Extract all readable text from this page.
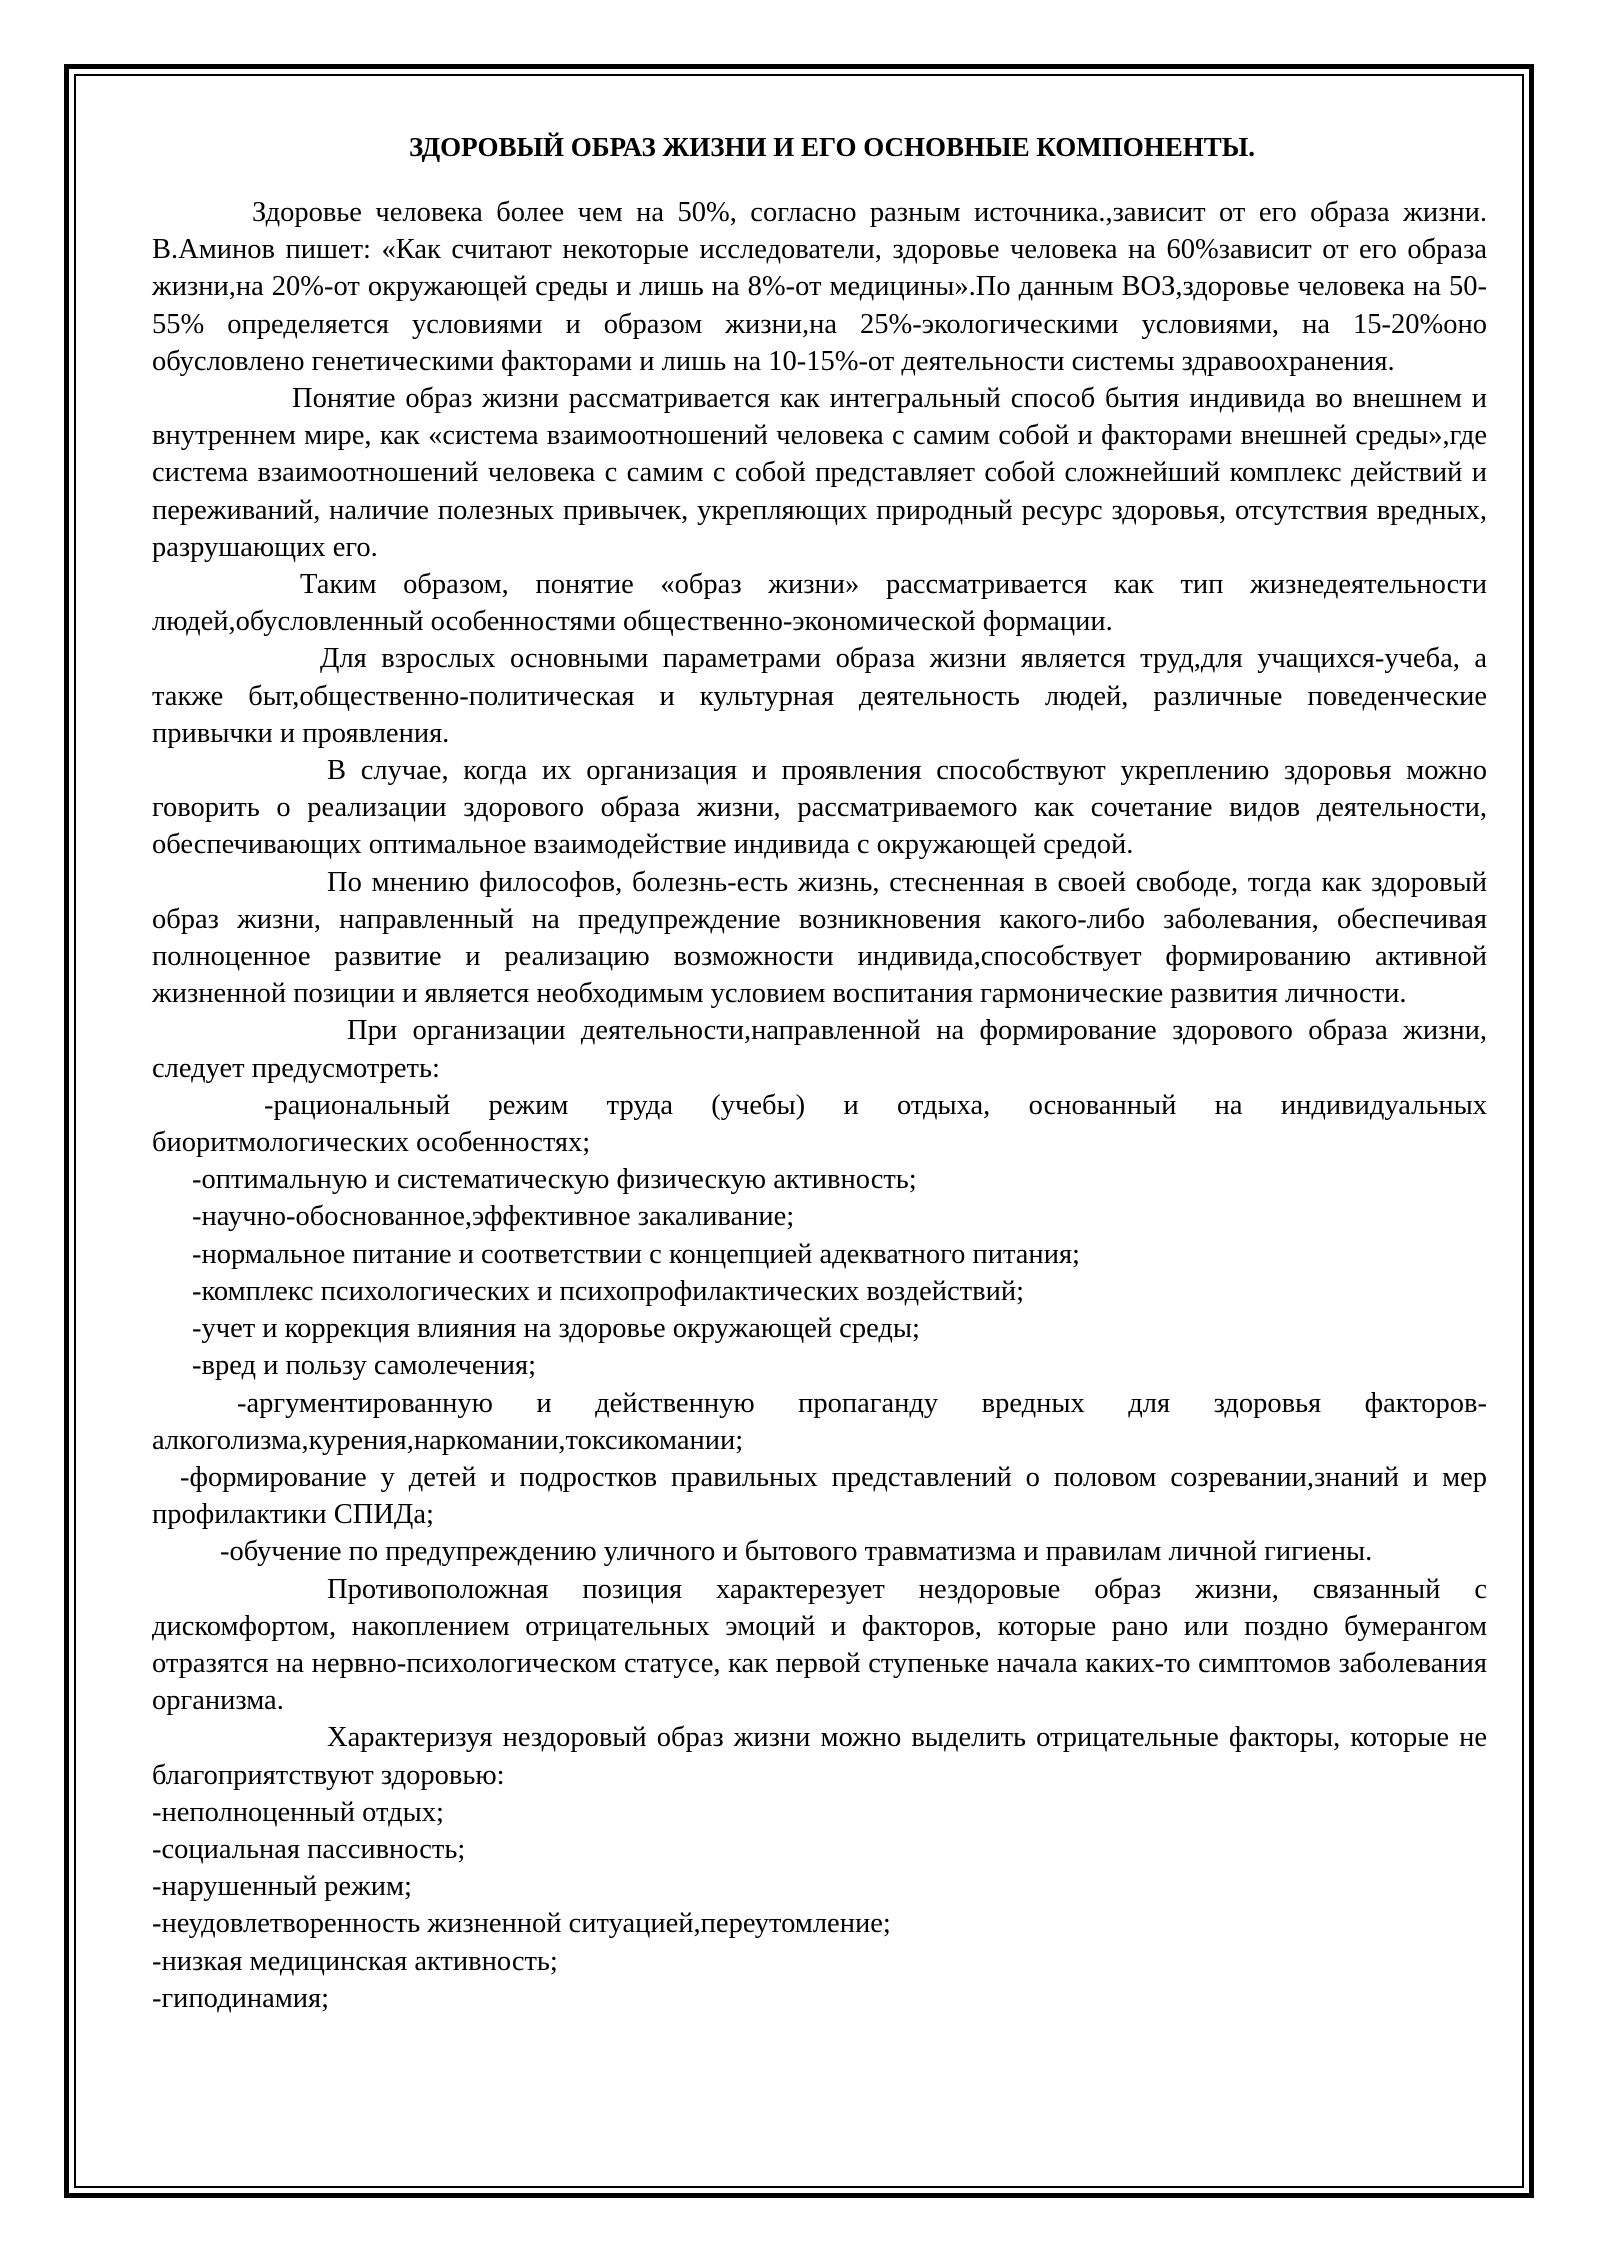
ЗДОРОВЫЙ ОБРАЗ ЖИЗНИ И ЕГО ОСНОВНЫЕ КОМПОНЕНТЫ.

Здоровье человека более чем на 50%, согласно разным источника.,зависит от его образа жизни. В.Аминов пишет: «Как считают некоторые исследователи, здоровье человека на 60%зависит от его образа жизни,на 20%-от окружающей среды и лишь на 8%-от медицины».По данным ВОЗ,здоровье человека на 50-55% определяется условиями и образом жизни,на 25%-экологическими условиями, на 15-20%оно обусловлено генетическими факторами и лишь на 10-15%-от деятельности системы здравоохранения.

Понятие образ жизни рассматривается как интегральный способ бытия индивида во внешнем и внутреннем мире, как «система взаимоотношений человека с самим собой и факторами внешней среды»,где система взаимоотношений человека с самим с собой представляет собой сложнейший комплекс действий и переживаний, наличие полезных привычек, укрепляющих природный ресурс здоровья, отсутствия вредных, разрушающих его.

Таким образом, понятие «образ жизни» рассматривается как тип жизнедеятельности людей,обусловленный особенностями общественно-экономической формации.

Для взрослых основными параметрами образа жизни является труд,для учащихся-учеба, а также быт,общественно-политическая и культурная деятельность людей, различные поведенческие привычки и проявления.

В случае, когда их организация и проявления способствуют укреплению здоровья можно говорить о реализации здорового образа жизни, рассматриваемого как сочетание видов деятельности, обеспечивающих оптимальное взаимодействие индивида с окружающей средой.

По мнению философов, болезнь-есть жизнь, стесненная в своей свободе, тогда как здоровый образ жизни, направленный на предупреждение возникновения какого-либо заболевания, обеспечивая полноценное развитие и реализацию возможности индивида,способствует формированию активной жизненной позиции и является необходимым условием воспитания гармонические развития личности.

При организации деятельности,направленной на формирование здорового образа жизни, следует предусмотреть:

-рациональный режим труда (учебы) и отдыха, основанный на индивидуальных биоритмологических особенностях;

-оптимальную и систематическую физическую активность;

-научно-обоснованное,эффективное закаливание;

-нормальное питание и соответствии с концепцией адекватного питания;

-комплекс психологических и психопрофилактических воздействий;

-учет и коррекция влияния на здоровье окружающей среды;

-вред и пользу самолечения;

-аргументированную и действенную пропаганду вредных для здоровья факторов-алкоголизма,курения,наркомании,токсикомании;

-формирование у детей и подростков правильных представлений о половом созревании,знаний и мер профилактики СПИДа;

-обучение по предупреждению уличного и бытового травматизма и правилам личной гигиены.

Противоположная позиция характерезует нездоровые образ жизни, связанный с дискомфортом, накоплением отрицательных эмоций и факторов, которые рано или поздно бумерангом отразятся на нервно-психологическом статусе, как первой ступеньке начала каких-то симптомов заболевания организма.

Характеризуя нездоровый образ жизни можно выделить отрицательные факторы, которые не благоприятствуют здоровью:

-неполноценный отдых;

-социальная пассивность;

-нарушенный режим;

-неудовлетворенность жизненной ситуацией,переутомление;

-низкая медицинская активность;

-гиподинамия;
